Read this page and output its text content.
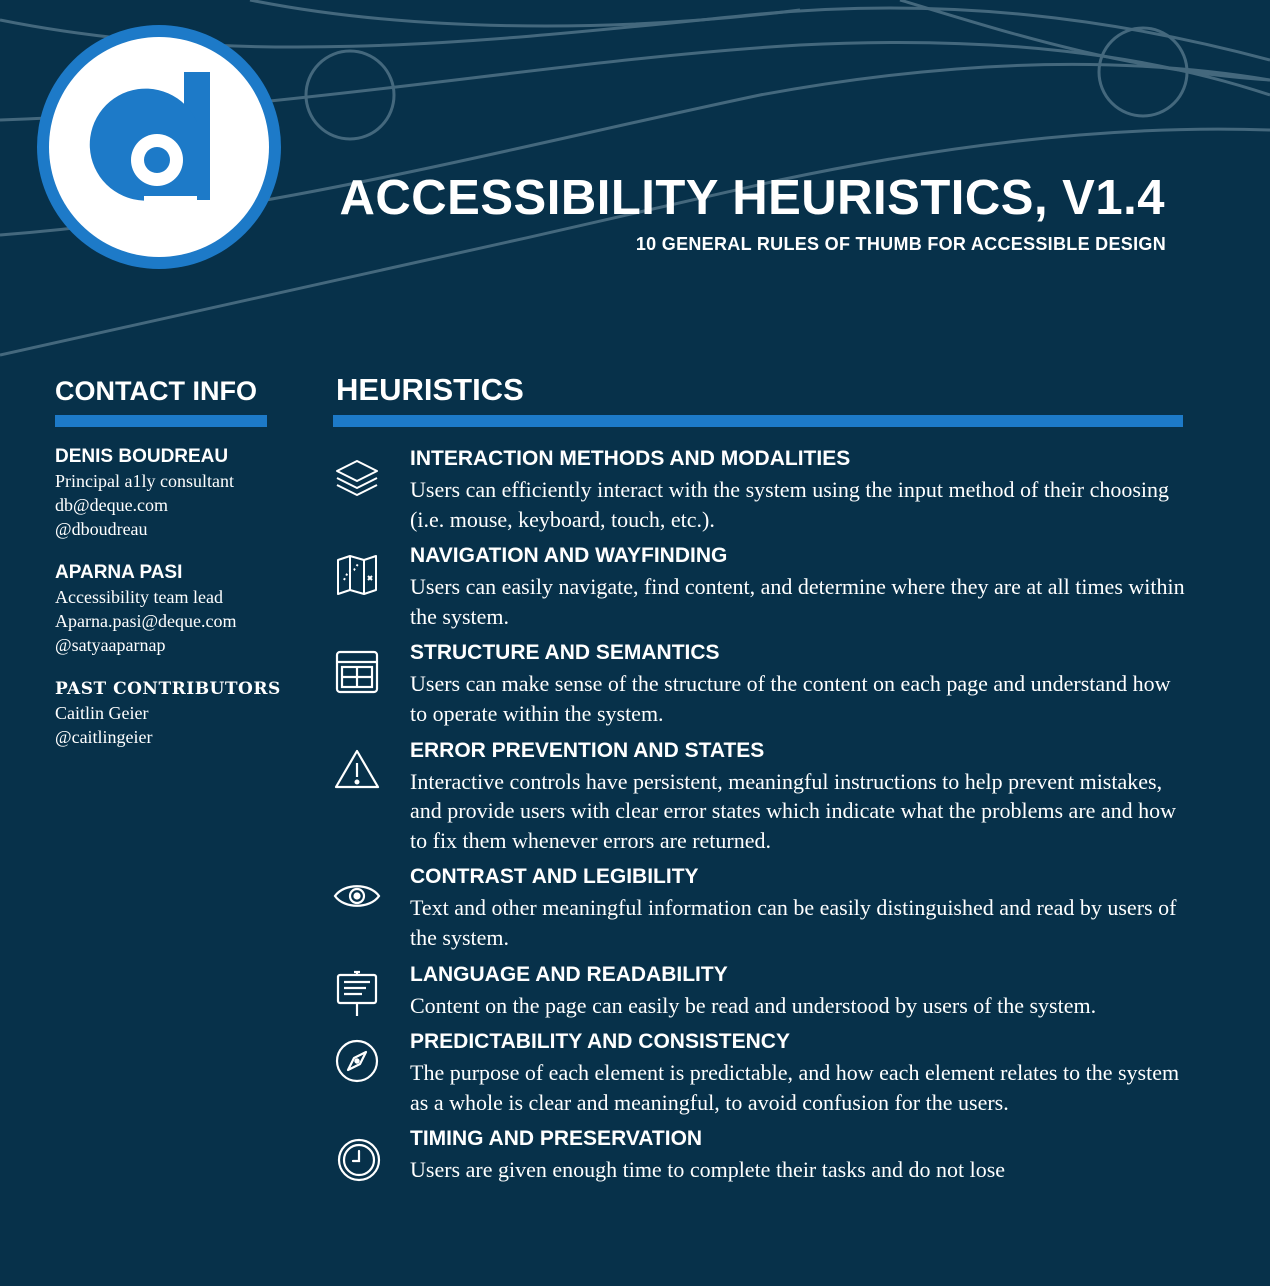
ACCESSIBILITY HEURISTICS, V1.4

10 GENERAL RULES OF THUMB FOR ACCESSIBLE DESIGN

CONTACT INFO
DENIS BOUDREAU
Principal a1ly consultant
db@deque.com
@dboudreau
APARNA PASI
Accessibility team lead
Aparna.pasi@deque.com
@satyaaparnap
PAST CONTRIBUTORS
Caitlin Geier
@caitlingeier
HEURISTICS
INTERACTION METHODS AND MODALITIES
Users can efficiently interact with the system using the input method of their choosing (i.e. mouse, keyboard, touch, etc.).
NAVIGATION AND WAYFINDING
Users can easily navigate, find content, and determine where they are at all times within the system.
STRUCTURE AND SEMANTICS
Users can make sense of the structure of the content on each page and understand how to operate within the system.
ERROR PREVENTION AND STATES
Interactive controls have persistent, meaningful instructions to help prevent mistakes, and provide users with clear error states which indicate what the problems are and how to fix them whenever errors are returned.
CONTRAST AND LEGIBILITY
Text and other meaningful information can be easily distinguished and read by users of the system.
LANGUAGE AND READABILITY
Content on the page can easily be read and understood by users of the system.
PREDICTABILITY AND CONSISTENCY
The purpose of each element is predictable, and how each element relates to the system as a whole is clear and meaningful, to avoid confusion for the users.
TIMING AND PRESERVATION
Users are given enough time to complete their tasks and do not lose
